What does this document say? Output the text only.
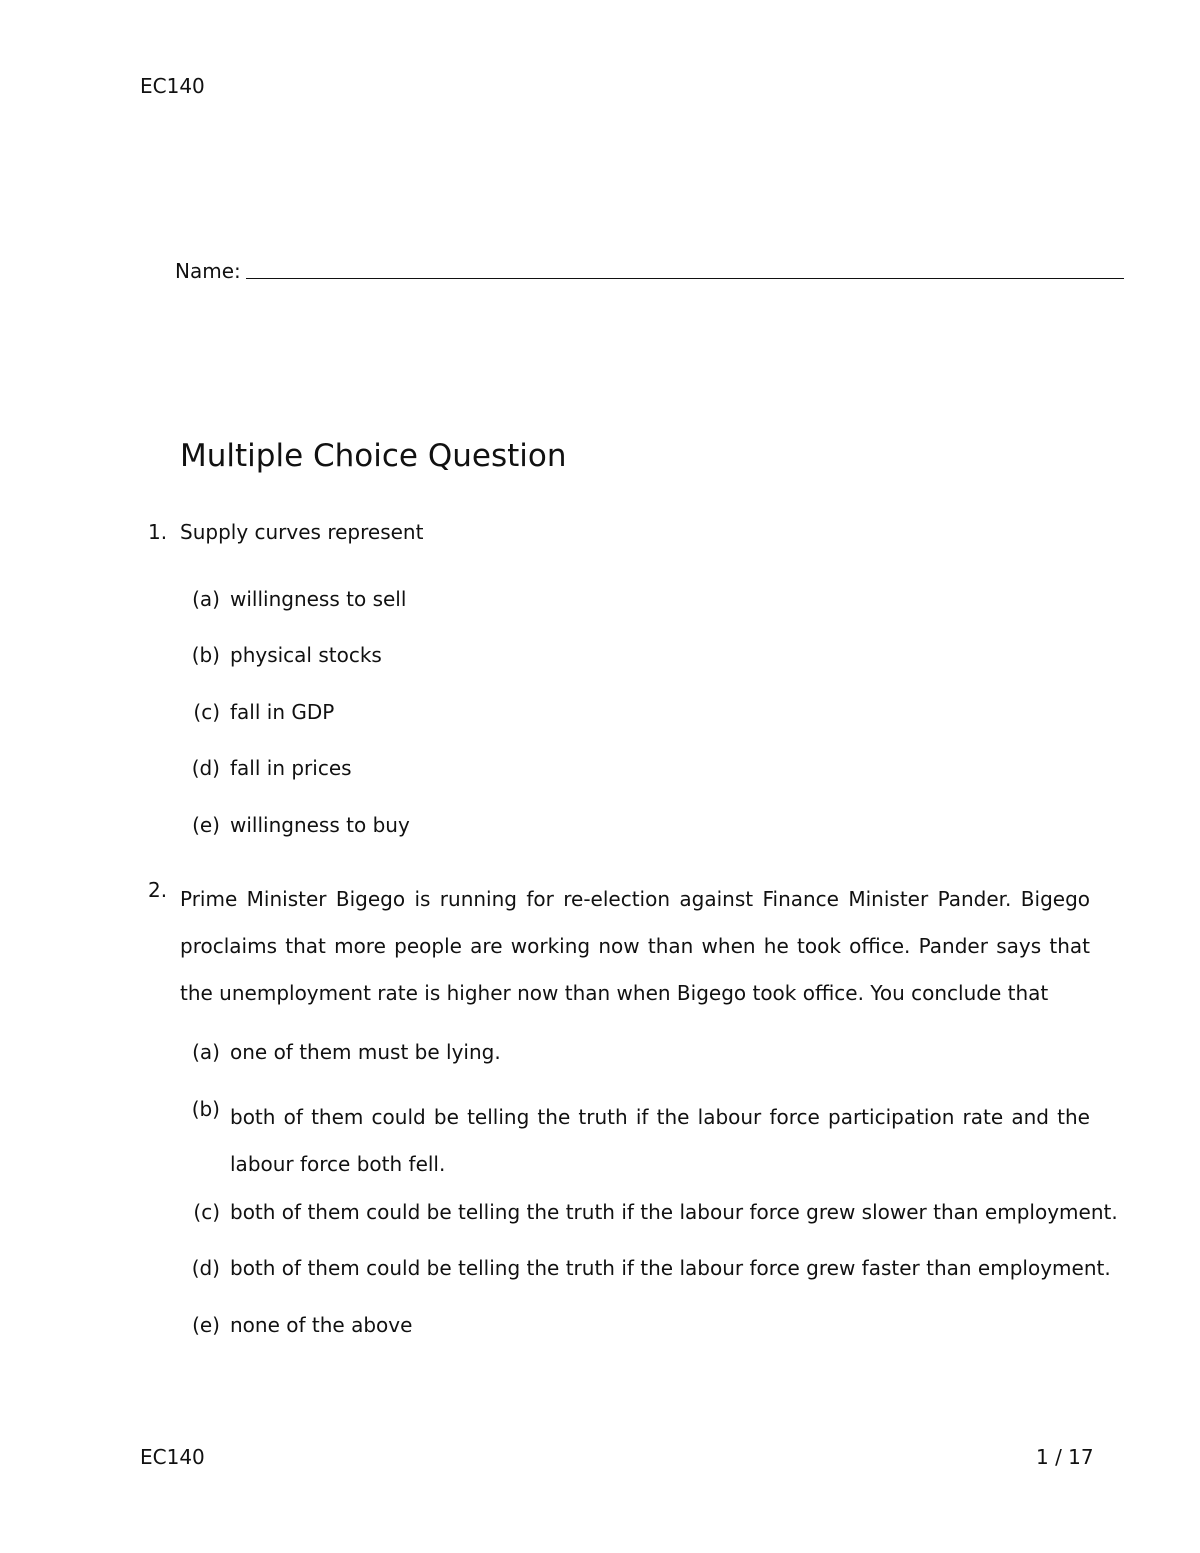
EC140
Name:
Multiple Choice Question
1. Supply curves represent
(a) willingness to sell
(b) physical stocks
(c) fall in GDP
(d) fall in prices
(e) willingness to buy
2. Prime Minister Bigego is running for re-election against Finance Minister Pander. Bigego proclaims that more people are working now than when he took office. Pander says that the unemployment rate is higher now than when Bigego took office. You conclude that
(a) one of them must be lying.
(b) both of them could be telling the truth if the labour force participation rate and the labour force both fell.
(c) both of them could be telling the truth if the labour force grew slower than employment.
(d) both of them could be telling the truth if the labour force grew faster than employment.
(e) none of the above
EC140	1 / 17
